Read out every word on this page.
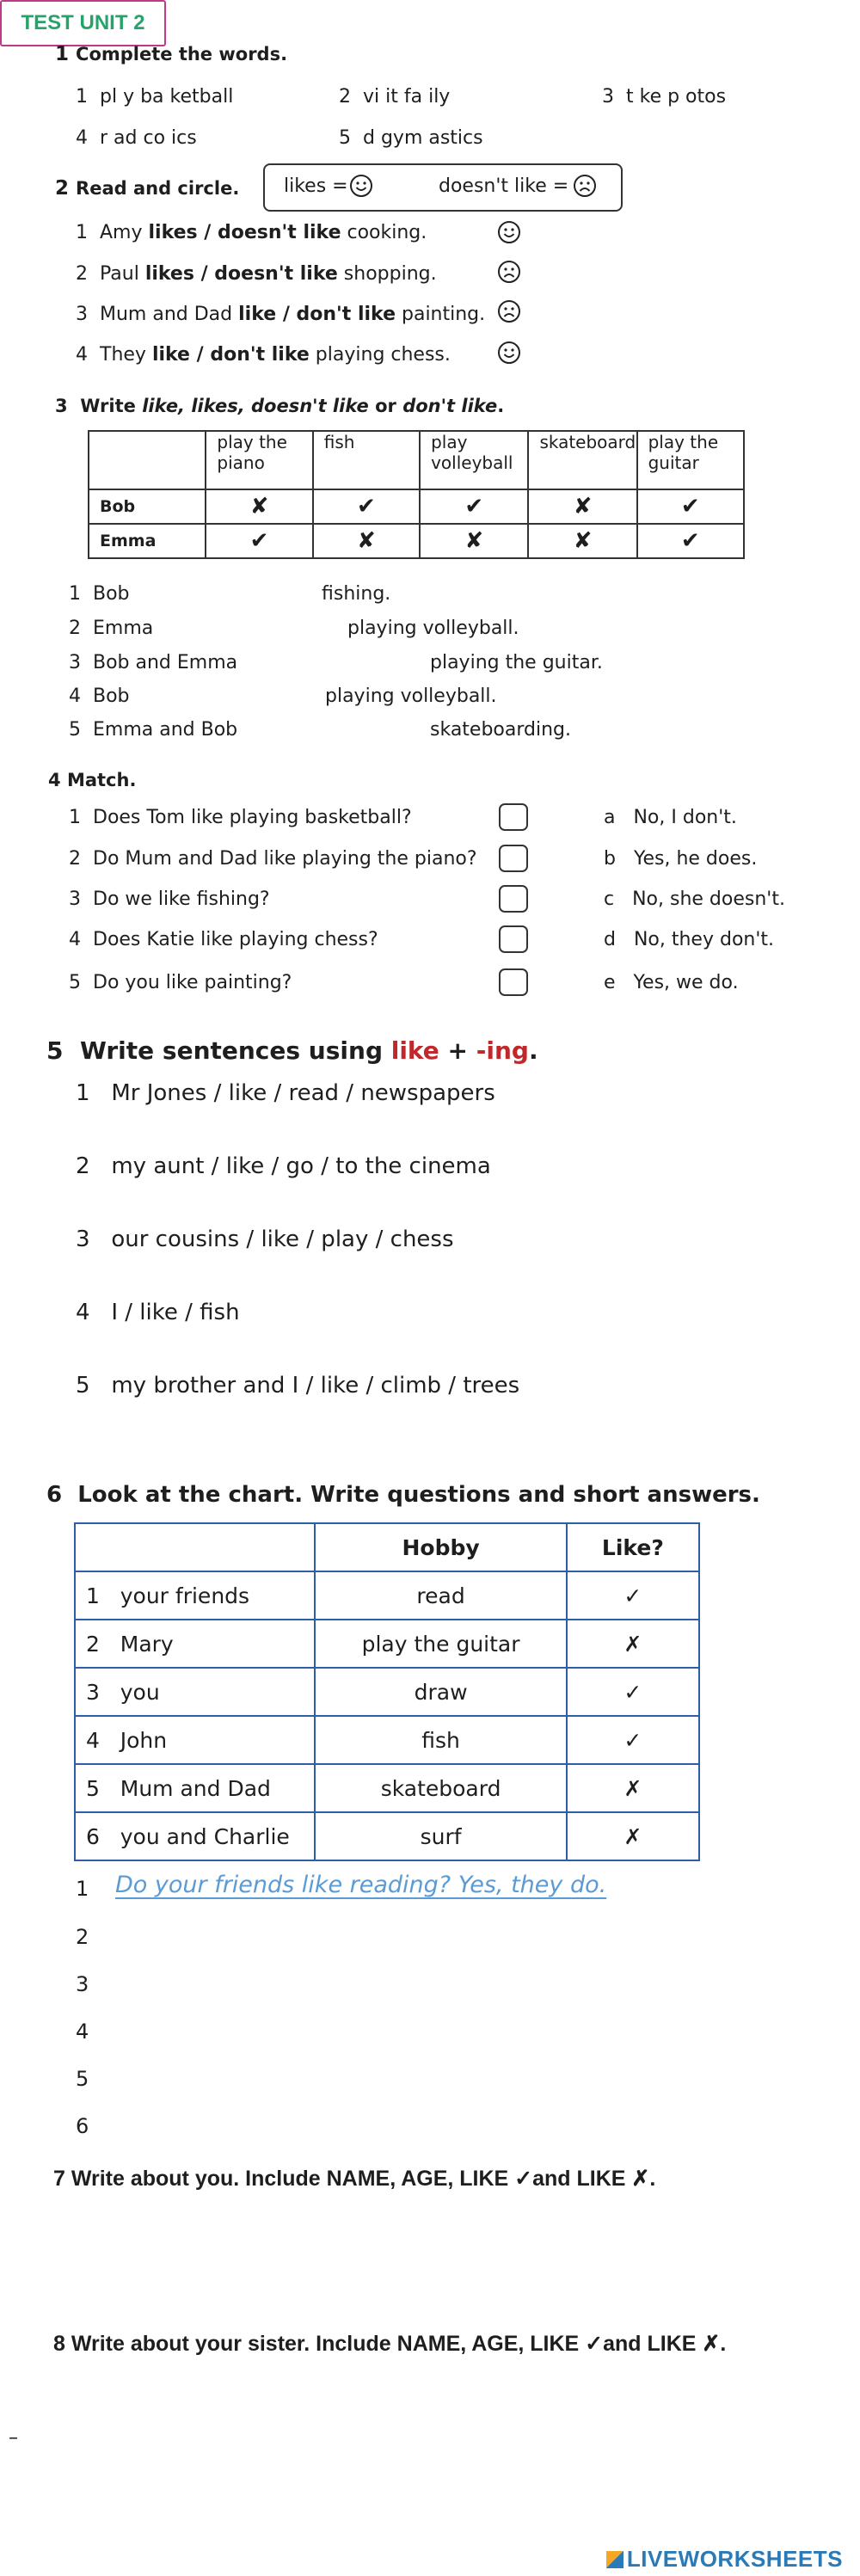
TEST UNIT 2
1 Complete the words.
1 pl y ba ketball	2 vi it fa ily	3 t ke p otos
4 r ad co ics	5 d gym astics
2 Read and circle. likes =	doesn't like =
1 Amy likes / doesn't like cooking.
2 Paul likes / doesn't like shopping.
3 Mum and Dad like / don't like painting.
4 They like / don't like playing chess.
3 Write like, likes, doesn't like or don't like.
	play the piano	fish	play volleyball	skateboard	play the guitar
Bob	✘	✔	✔	✘	✔
Emma	✔	✘	✘	✘	✔
1 Bob	fishing.
2 Emma	playing volleyball.
3 Bob and Emma	playing the guitar.
4 Bob	playing volleyball.
5 Emma and Bob	skateboarding.
4 Match.
1 Does Tom like playing basketball?	a No, I don't.
2 Do Mum and Dad like playing the piano?	b Yes, he does.
3 Do we like fishing?	c No, she doesn't.
4 Does Katie like playing chess?	d No, they don't.
5 Do you like painting?	e Yes, we do.
5 Write sentences using like + -ing.
1 Mr Jones / like / read / newspapers
2 my aunt / like / go / to the cinema
3 our cousins / like / play / chess
4 I / like / fish
5 my brother and I / like / climb / trees
6 Look at the chart. Write questions and short answers.
	Hobby	Like?
1 your friends	read	✓
2 Mary	play the guitar	✗
3 you	draw	✓
4 John	fish	✓
5 Mum and Dad	skateboard	✗
6 you and Charlie	surf	✗
1 Do your friends like reading? Yes, they do.
2
3
4
5
6
7 Write about you. Include NAME, AGE, LIKE ✓and LIKE ✗.
8 Write about your sister. Include NAME, AGE, LIKE ✓and LIKE ✗.
–
LIVEWORKSHEETS
